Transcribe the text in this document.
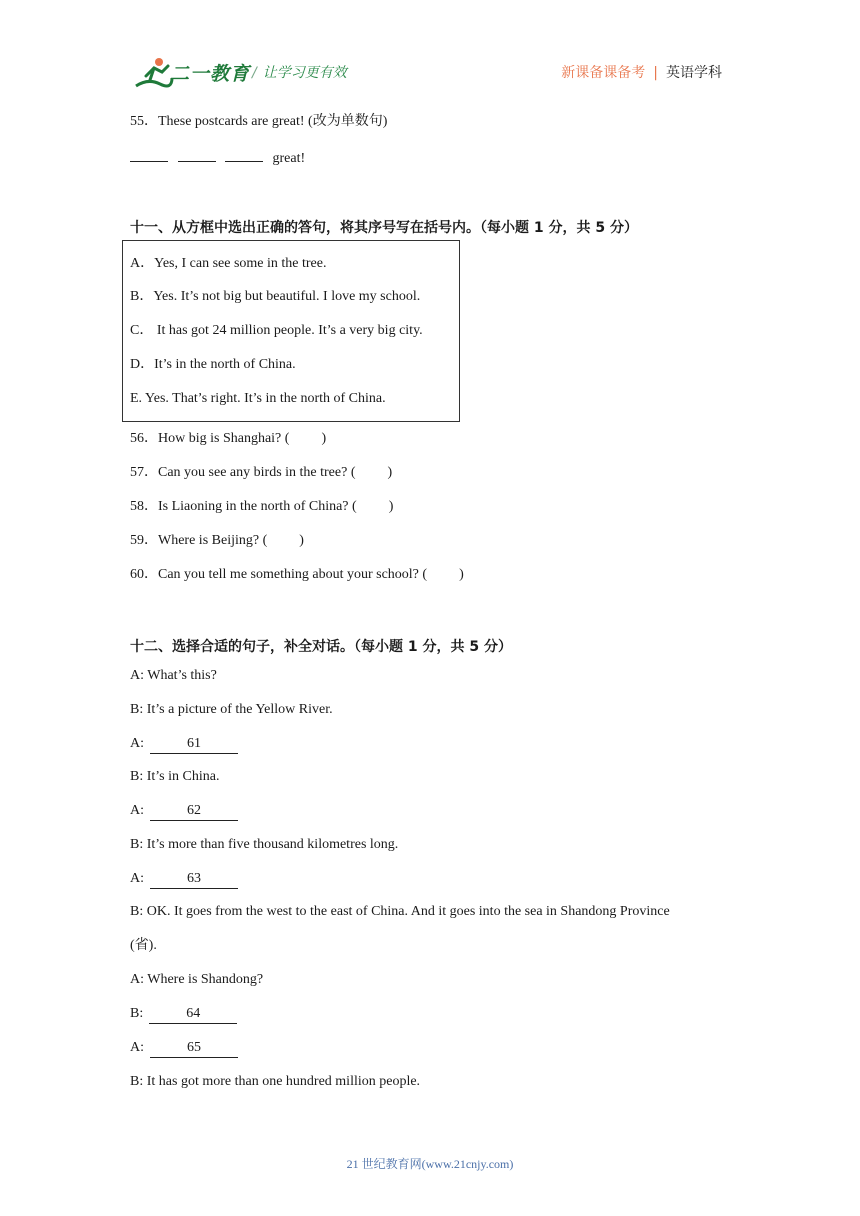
二一教育 / 让学习更有效	新课备课备考 | 英语学科
55．These postcards are great! (改为单数句)
great!
十一、从方框中选出正确的答句，将其序号写在括号内。（每小题 1 分，共 5 分）
A．Yes, I can see some in the tree.
B．Yes. It’s not big but beautiful. I love my school.
C． It has got 24 million people. It’s a very big city.
D．It’s in the north of China.
E. Yes. That’s right. It’s in the north of China.
56．How big is Shanghai? ( )
57．Can you see any birds in the tree? ( )
58．Is Liaoning in the north of China? ( )
59．Where is Beijing? ( )
60．Can you tell me something about your school? ( )
十二、选择合适的句子，补全对话。（每小题 1 分，共 5 分）
A: What’s this?
B: It’s a picture of the Yellow River.
A:	61
B: It’s in China.
A:	62
B: It’s more than five thousand kilometres long.
A:	63
B: OK. It goes from the west to the east of China. And it goes into the sea in Shandong Province
(省).
A: Where is Shandong?
B:	64
A:	65
B: It has got more than one hundred million people.
21 世纪教育网(www.21cnjy.com)
